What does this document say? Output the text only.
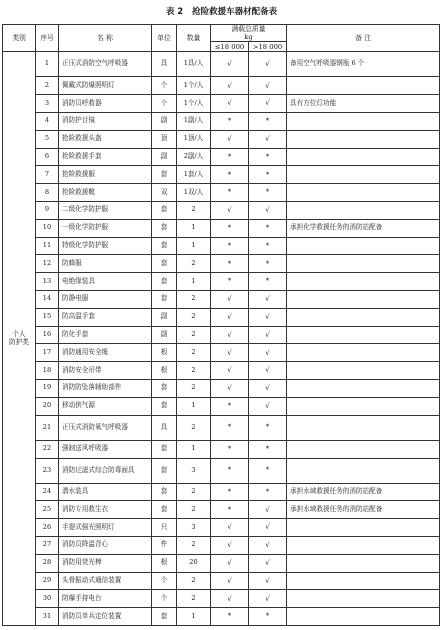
表 2 抢险救援车器材配备表
类别	序号	名 称	单位	数量	满载总质量
kg		备 注
					≤18 000	>18 000	
个人
防护类	1	正压式消防空气呼吸器	具	1具/人	√	√	备用空气呼吸器钢瓶 6 个
	2	佩戴式防爆照明灯	个	1个/人	√	√	
	3	消防员呼救器	个	1个/人	√	√	具有方位灯功能
	4	消防护目镜	副	1副/人	*	*	
	5	抢险救援头盔	顶	1顶/人	√	√	
	6	抢险救援手套	副	2副/人	*	*	
	7	抢险救援服	套	1套/人	*	*	
	8	抢险救援靴	双	1双/人	*	*	
	9	二级化学防护服	套	2	√	√	
	10	一级化学防护服	套	1	*	*	承担化学救援任务的消防站配备
	11	特级化学防护服	套	1	*	*	
	12	防蜂服	套	2	*	*	
	13	电绝缘装具	套	1	*	*	
	14	防静电服	套	2	√	√	
	15	防高温手套	副	2	√	√	
	16	防化手套	副	2	√	√	
	17	消防通用安全绳	根	2	√	√	
	18	消防安全吊带	根	2	√	√	
	19	消防防坠落辅助部件	套	2	√	√	
	20	移动供气源	套	1	*	√	
	21	正压式消防氧气呼吸器	具	2	*	*	
	22	强制送风呼吸器	套	1	*	*	
	23	消防过滤式综合防毒面具	套	3	*	*	
	24	潜水装具	套	2	*	*	承担水域救援任务的消防站配备
	25	消防专用救生衣	套	2	*	√	承担水域救援任务的消防站配备
	26	手提式强光照明灯	只	3	√	√	
	27	消防员降温背心	件	2	√	√	
	28	消防用荧光棒	根	20	√	√	
	29	头骨振动式通信装置	个	2	√	√	
	30	防爆手持电台	个	2	√	√	
	31	消防员单兵定位装置	套	1	*	*	
